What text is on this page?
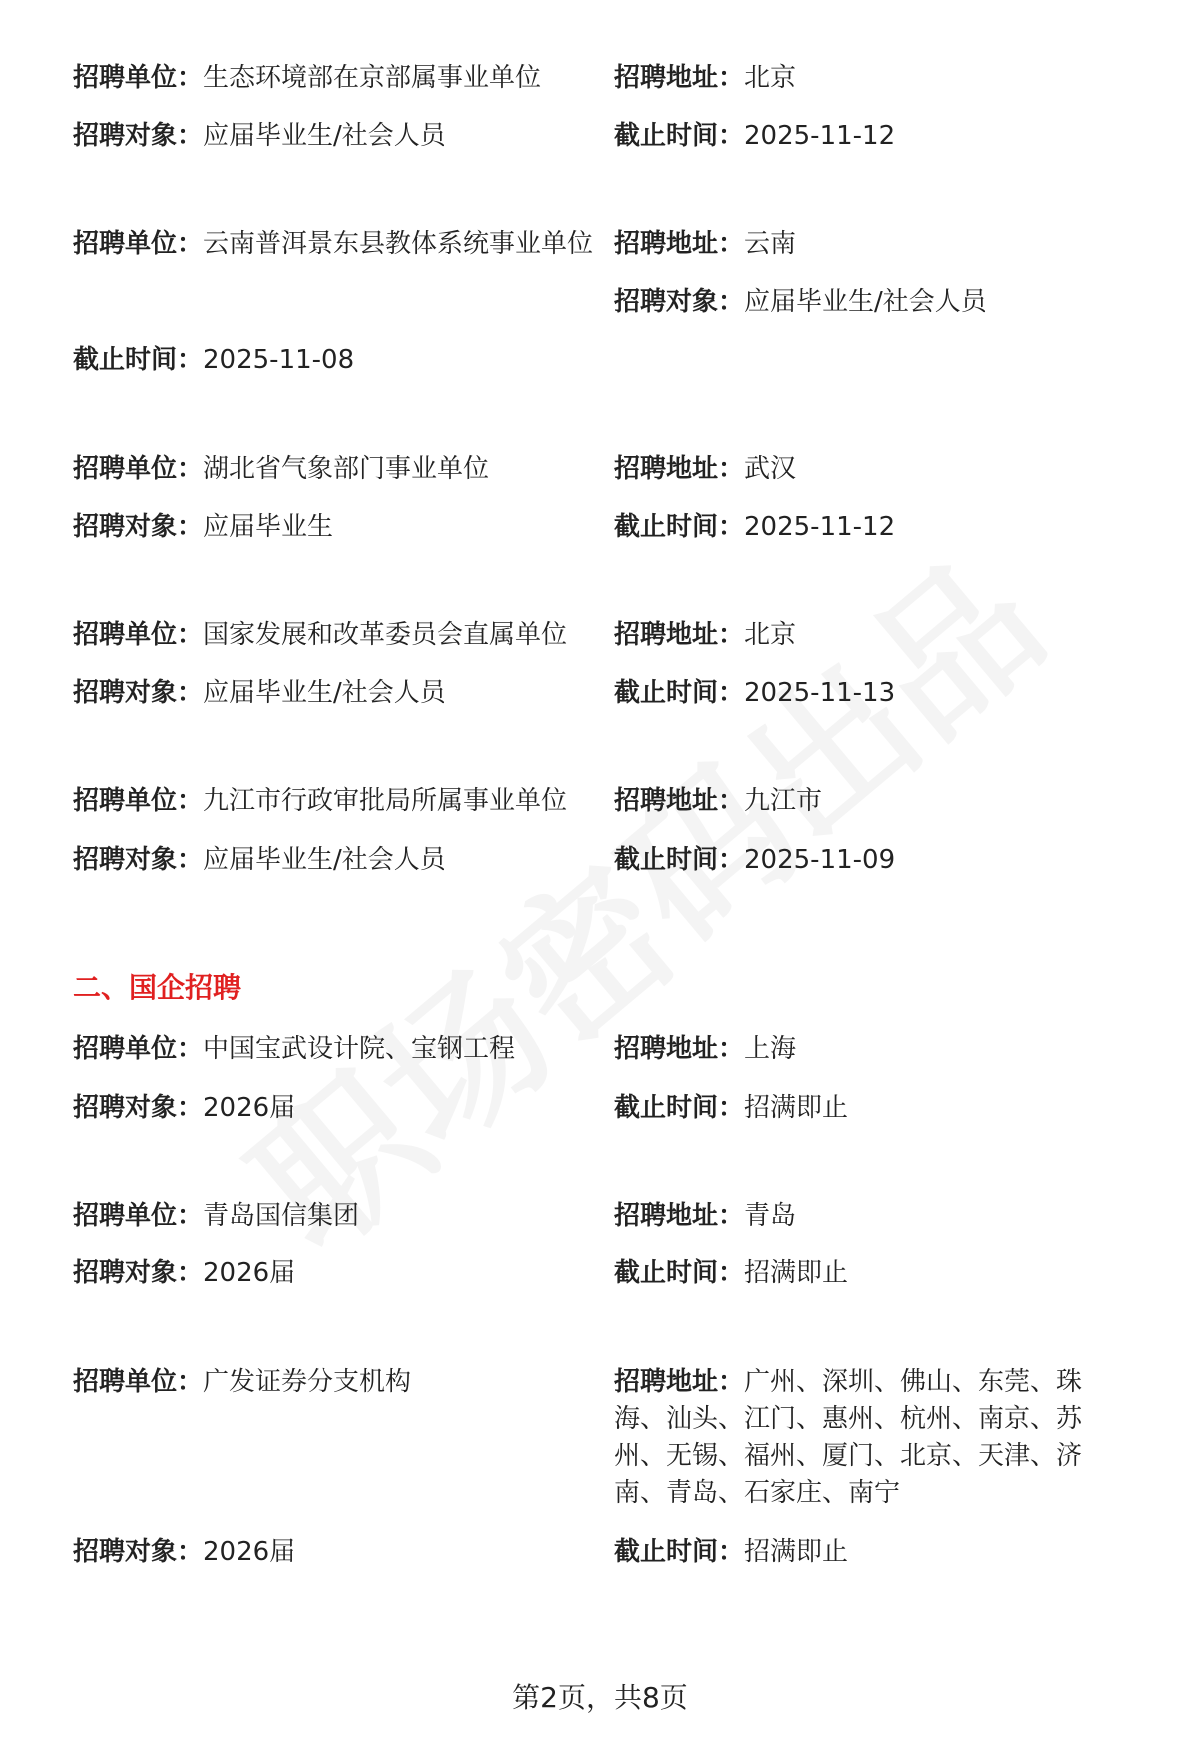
招聘单位：生态环境部在京部属事业单位	招聘地址：北京
招聘对象：应届毕业生/社会人员	截止时间：2025-11-12
招聘单位：云南普洱景东县教体系统事业单位 招聘地址：云南
招聘对象：应届毕业生/社会人员
截止时间：2025-11-08
招聘单位：湖北省气象部门事业单位	招聘地址：武汉
招聘对象：应届毕业生	截止时间：2025-11-12
招聘单位：国家发展和改革委员会直属单位	招聘地址：北京
招聘对象：应届毕业生/社会人员	截止时间：2025-11-13
招聘单位：九江市行政审批局所属事业单位	招聘地址：九江市
招聘对象：应届毕业生/社会人员	截止时间：2025-11-09
二、国企招聘
招聘单位：中国宝武设计院、宝钢工程	招聘地址：上海
招聘对象：2026届	截止时间：招满即止
招聘单位：青岛国信集团	招聘地址：青岛
招聘对象：2026届	截止时间：招满即止
招聘单位：广发证券分支机构	招聘地址：广州、深圳、佛山、东莞、珠海、汕头、江门、惠州、杭州、南京、苏州、无锡、福州、厦门、北京、天津、济南、青岛、石家庄、南宁
招聘对象：2026届	截止时间：招满即止
第2页，共8页
